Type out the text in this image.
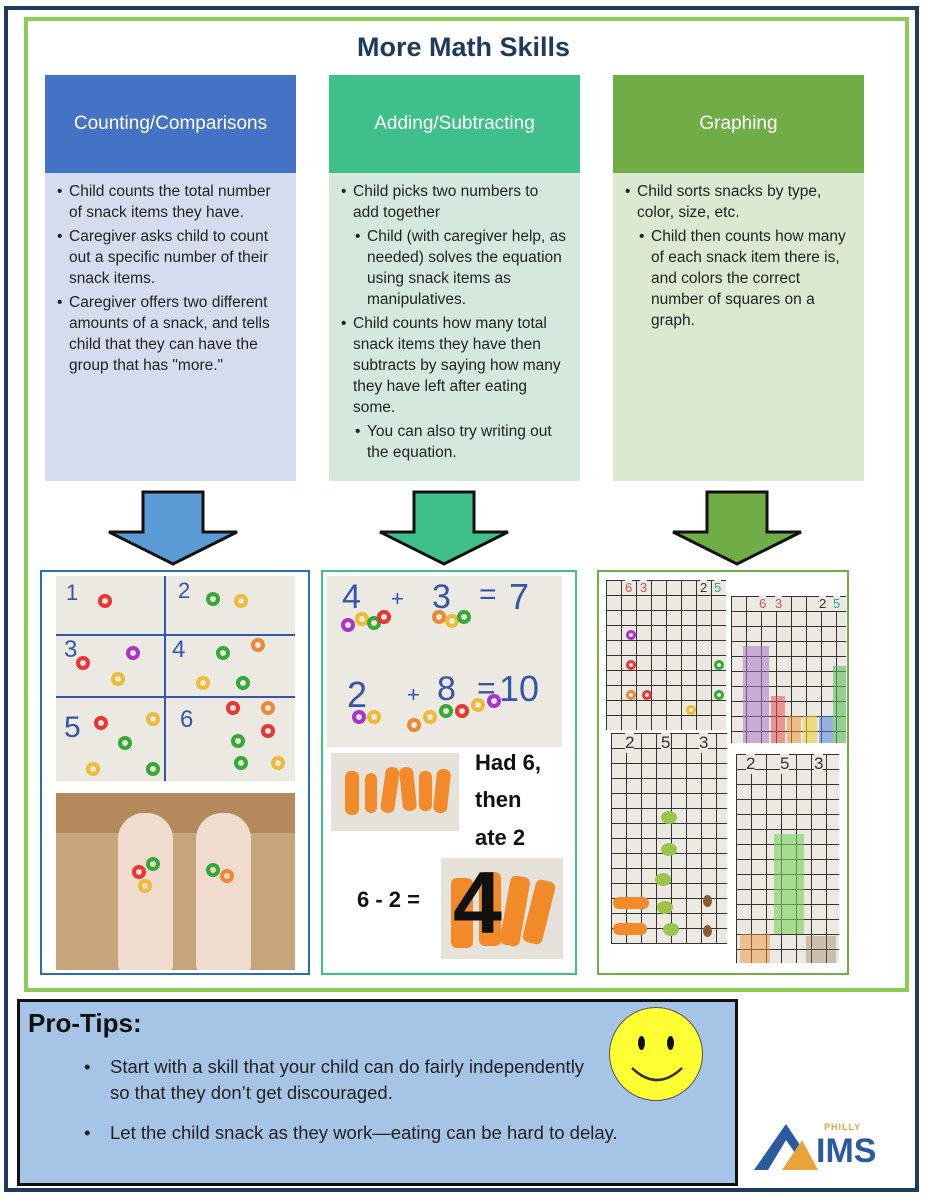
More Math Skills
Counting/Comparisons
• Child counts the total number of snack items they have.
• Caregiver asks child to count out a specific number of their snack items.
• Caregiver offers two different amounts of a snack, and tells child that they can have the group that has "more."
Adding/Subtracting
• Child picks two numbers to add together
• Child (with caregiver help, as needed) solves the equation using snack items as manipulatives.
• Child counts how many total snack items they have then subtracts by saying how many they have left after eating some.
• You can also try writing out the equation.
Graphing
• Child sorts snacks by type, color, size, etc.
• Child then counts how many of each snack item there is, and colors the correct number of squares on a graph.
1	2
3	4
5	6
4 + 3 = 7
2 + 8 = 10
Had 6,
then
ate 2
6 - 2 = 4
6 3	2 5
6 3	2 5
2 5 3
2 5 3
Pro-Tips:
• Start with a skill that your child can do fairly independently so that they don’t get discouraged.
• Let the child snack as they work—eating can be hard to delay.	PHILLY
IMS
